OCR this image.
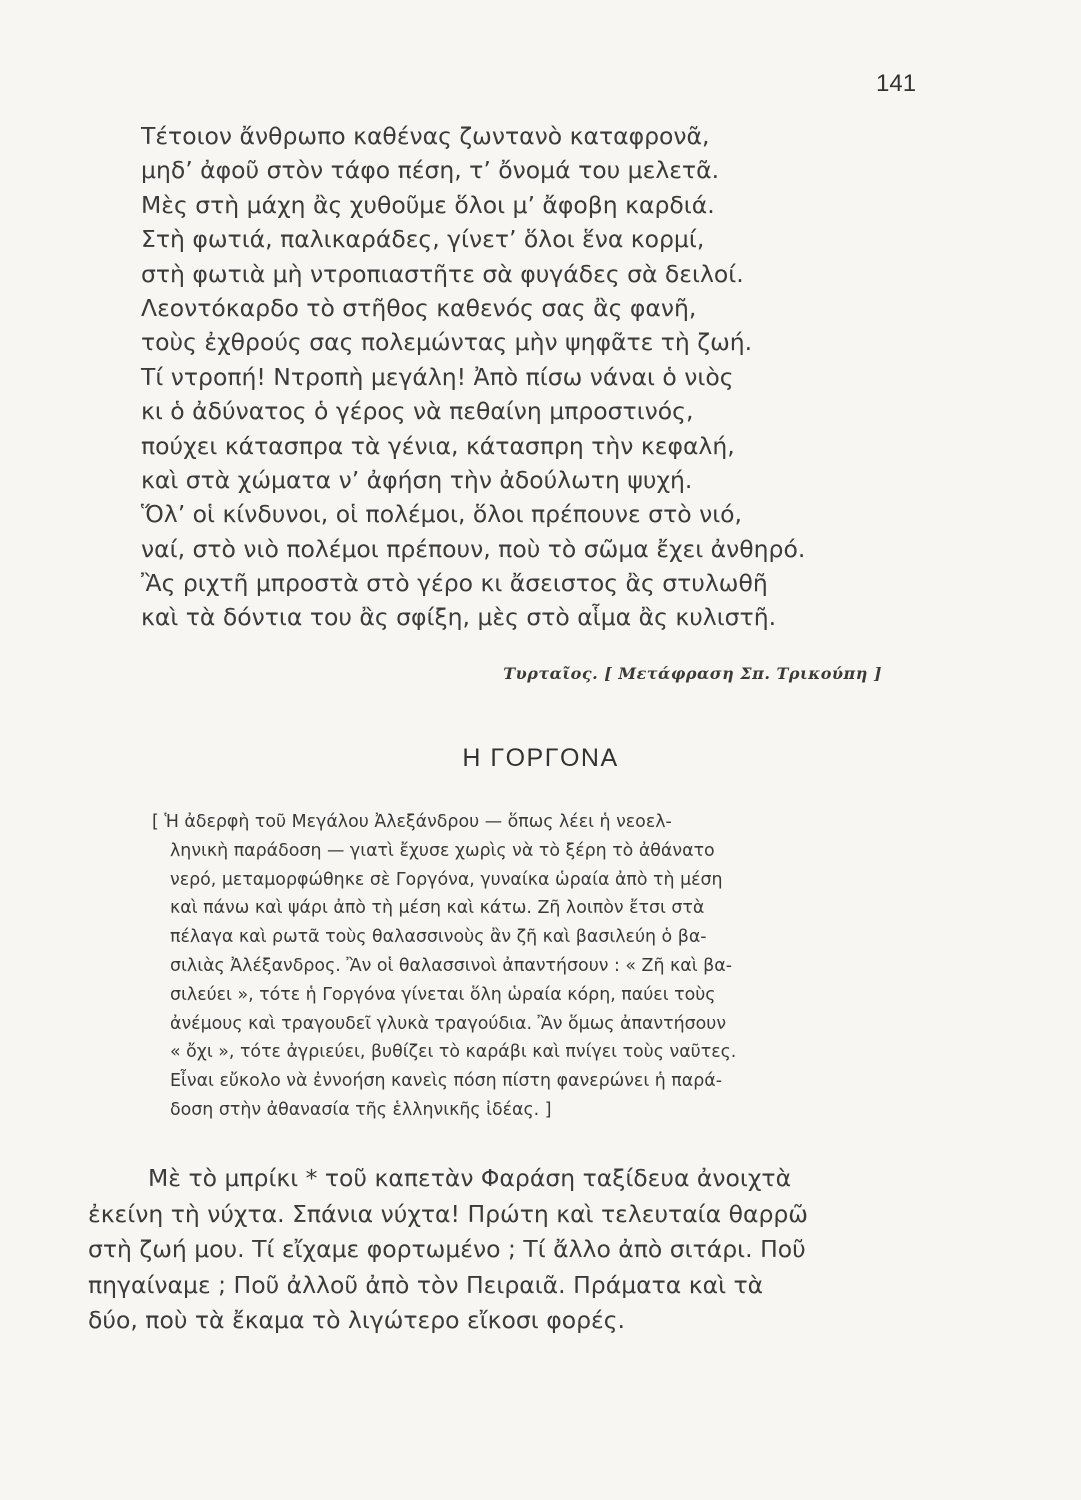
141
Τέτοιον ἄνθρωπο καθένας ζωντανὸ καταφρονᾶ,
μηδ’ ἀφοῦ στὸν τάφο πέση, τ’ ὄνομά του μελετᾶ.
Μὲς στὴ μάχη ἂς χυθοῦμε ὅλοι μ’ ἄφοβη καρδιά.
Στὴ φωτιά, παλικαράδες, γίνετ’ ὅλοι ἕνα κορμί,
στὴ φωτιὰ μὴ ντροπιαστῆτε σὰ φυγάδες σὰ δειλοί.
Λεοντόκαρδο τὸ στῆθος καθενός σας ἂς φανῆ,
τοὺς ἐχθρούς σας πολεμώντας μὴν ψηφᾶτε τὴ ζωή.
Τί ντροπή! Ντροπὴ μεγάλη! Ἀπὸ πίσω νάναι ὁ νιὸς
κι ὁ ἀδύνατος ὁ γέρος νὰ πεθαίνη μπροστινός,
πούχει κάτασπρα τὰ γένια, κάτασπρη τὴν κεφαλή,
καὶ στὰ χώματα ν’ ἀφήση τὴν ἀδούλωτη ψυχή.
Ὅλ’ οἱ κίνδυνοι, οἱ πολέμοι, ὅλοι πρέπουνε στὸ νιό,
ναί, στὸ νιὸ πολέμοι πρέπουν, ποὺ τὸ σῶμα ἔχει ἀνθηρό.
Ἂς ριχτῆ μπροστὰ στὸ γέρο κι ἄσειστος ἂς στυλωθῆ
καὶ τὰ δόντια του ἂς σφίξη, μὲς στὸ αἷμα ἂς κυλιστῆ.
Τυρταῖος. [ Μετάφραση Σπ. Τρικούπη ]
Η ΓΟΡΓΟΝΑ
[ Ἡ ἀδερφὴ τοῦ Μεγάλου Ἀλεξάνδρου — ὅπως λέει ἡ νεοελ-
ληνικὴ παράδοση — γιατὶ ἔχυσε χωρὶς νὰ τὸ ξέρη τὸ ἀθάνατο
νερό, μεταμορφώθηκε σὲ Γοργόνα, γυναίκα ὡραία ἀπὸ τὴ μέση
καὶ πάνω καὶ ψάρι ἀπὸ τὴ μέση καὶ κάτω. Ζῆ λοιπὸν ἔτσι στὰ
πέλαγα καὶ ρωτᾶ τοὺς θαλασσινοὺς ἂν ζῆ καὶ βασιλεύη ὁ βα-
σιλιὰς Ἀλέξανδρος. Ἂν οἱ θαλασσινοὶ ἀπαντήσουν : « Ζῆ καὶ βα-
σιλεύει », τότε ἡ Γοργόνα γίνεται ὅλη ὡραία κόρη, παύει τοὺς
ἀνέμους καὶ τραγουδεῖ γλυκὰ τραγούδια. Ἂν ὅμως ἀπαντήσουν
« ὄχι », τότε ἀγριεύει, βυθίζει τὸ καράβι καὶ πνίγει τοὺς ναῦτες.
Εἶναι εὔκολο νὰ ἐννοήση κανεὶς πόση πίστη φανερώνει ἡ παρά-
δοση στὴν ἀθανασία τῆς ἑλληνικῆς ἰδέας. ]
Μὲ τὸ μπρίκι * τοῦ καπετὰν Φαράση ταξίδευα ἀνοιχτὰ
ἐκείνη τὴ νύχτα. Σπάνια νύχτα! Πρώτη καὶ τελευταία θαρρῶ
στὴ ζωή μου. Τί εἴχαμε φορτωμένο ; Τί ἄλλο ἀπὸ σιτάρι. Ποῦ
πηγαίναμε ; Ποῦ ἀλλοῦ ἀπὸ τὸν Πειραιᾶ. Πράματα καὶ τὰ
δύο, ποὺ τὰ ἔκαμα τὸ λιγώτερο εἴκοσι φορές.
